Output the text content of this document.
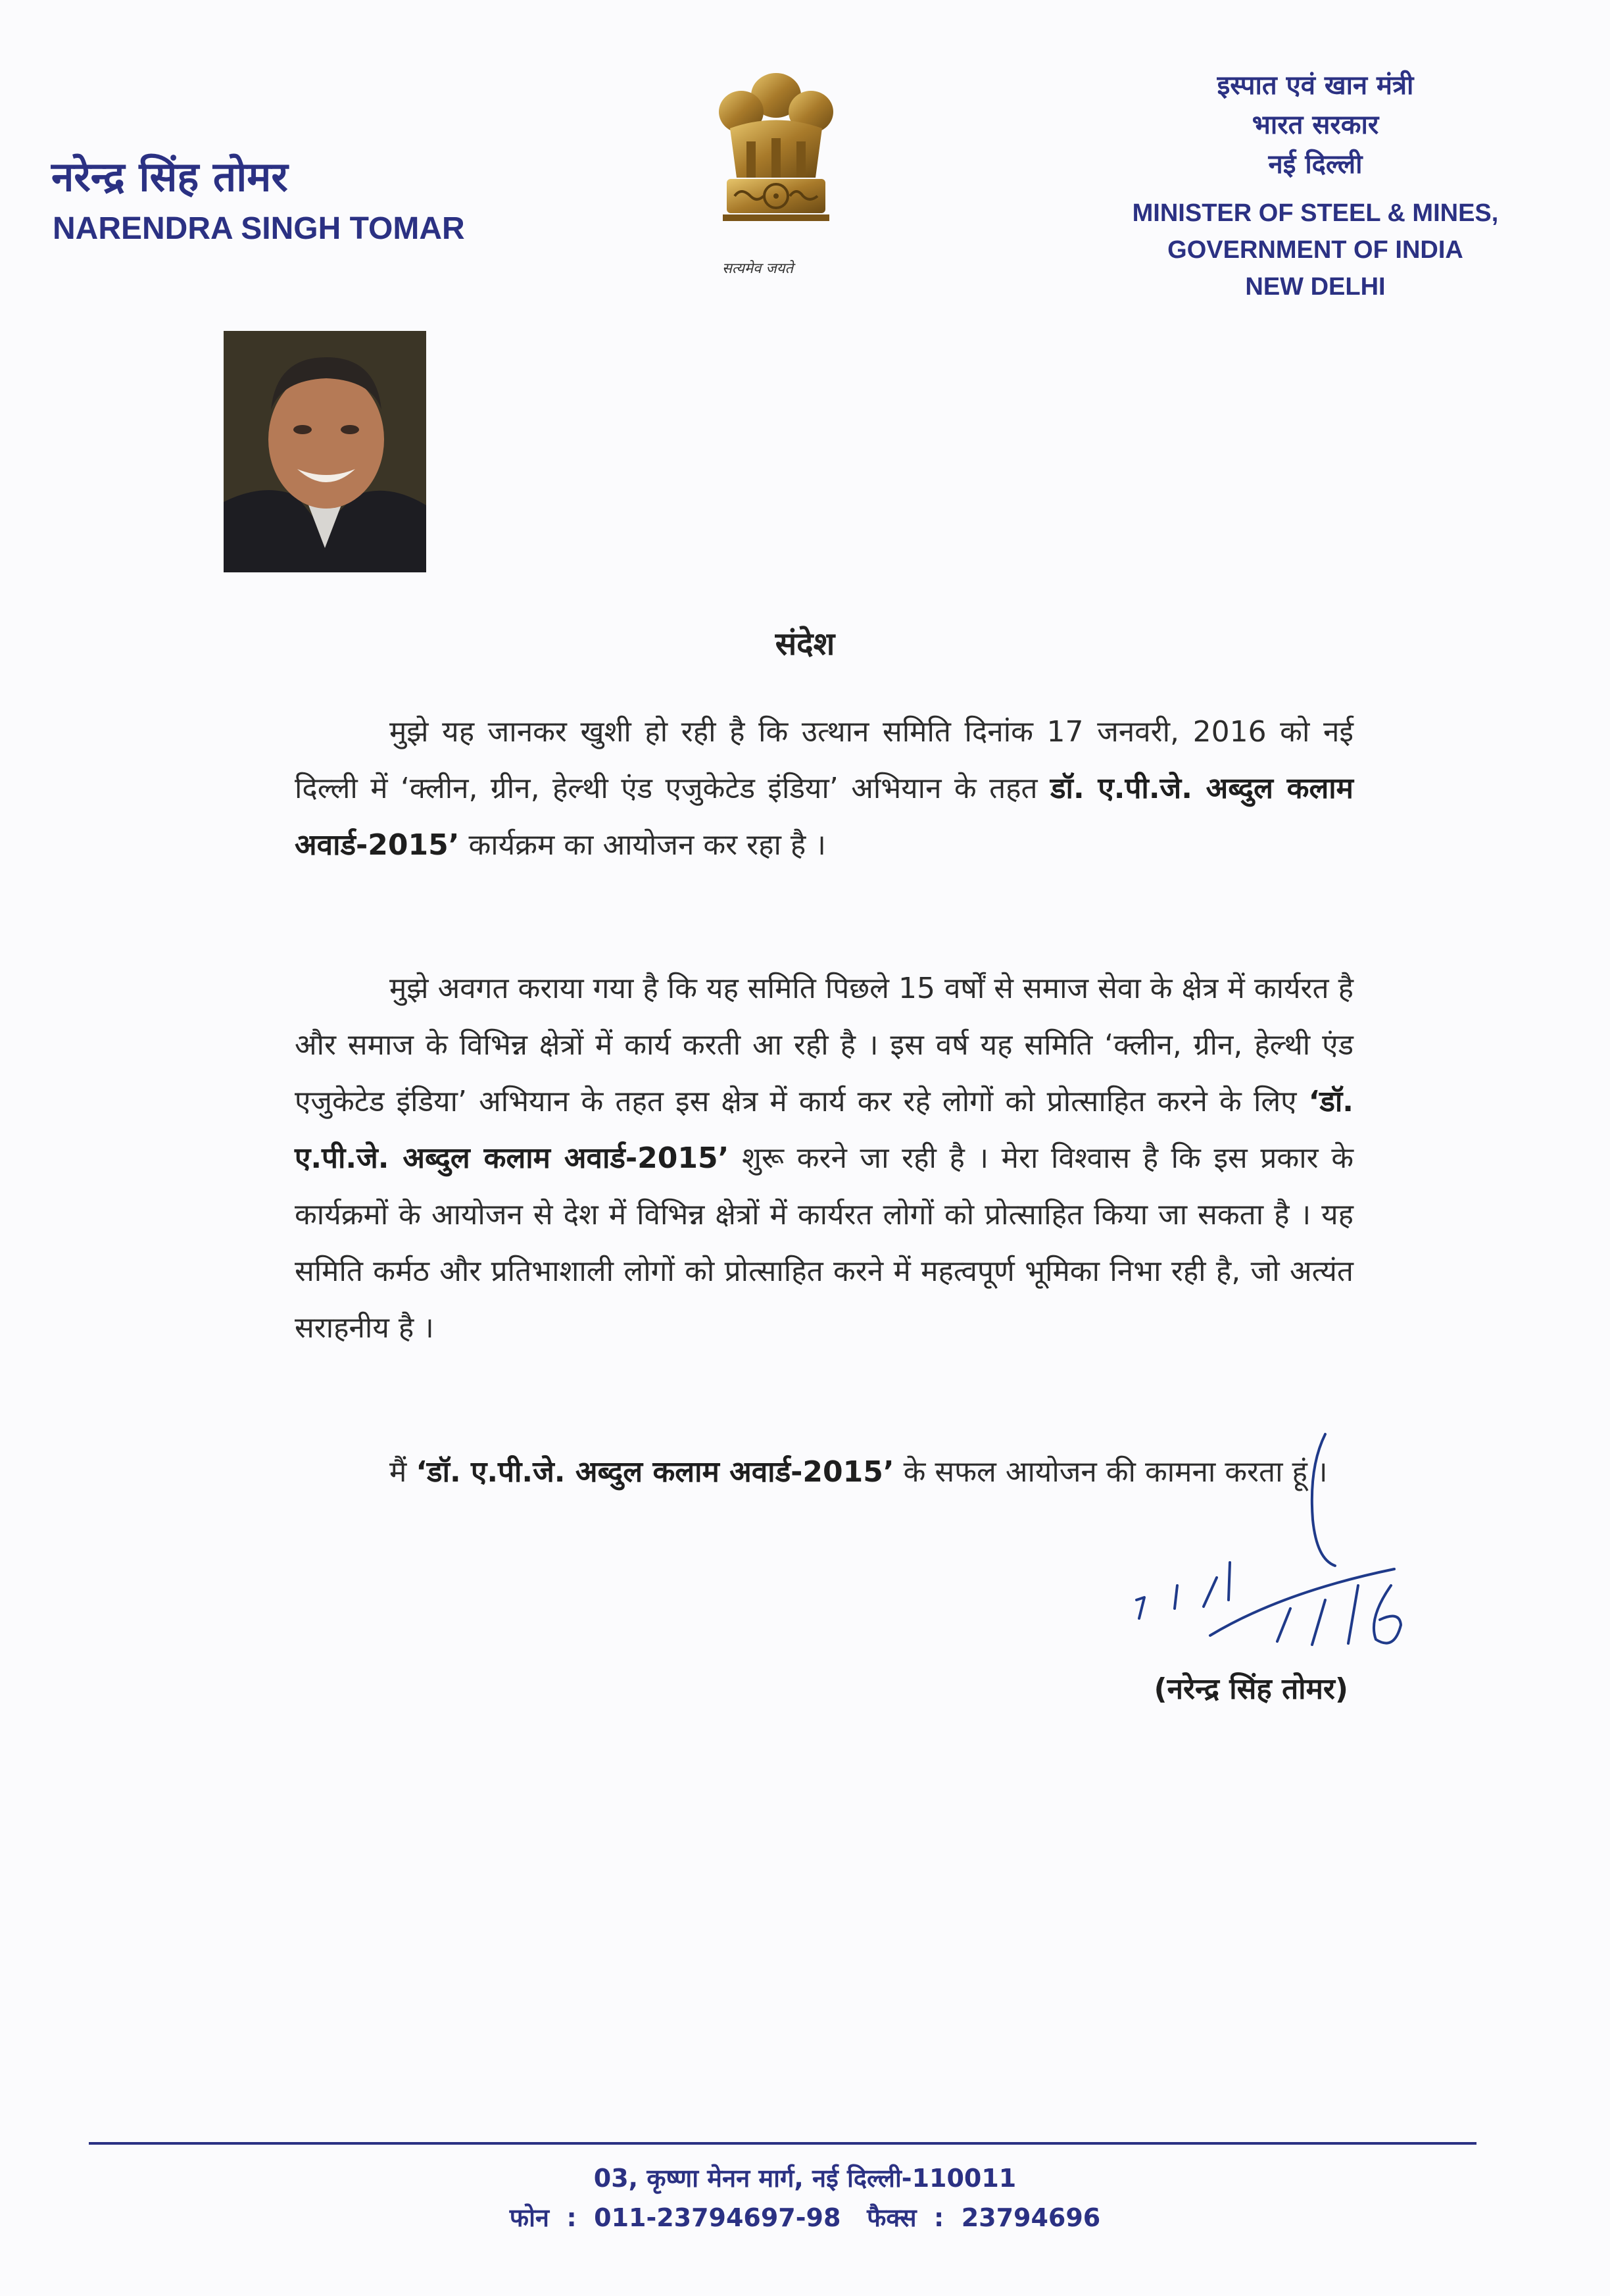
नरेन्द्र सिंह तोमर
NARENDRA SINGH TOMAR
सत्यमेव जयते
इस्पात एवं खान मंत्री
भारत सरकार
नई दिल्ली
MINISTER OF STEEL & MINES,
GOVERNMENT OF INDIA
NEW DELHI
संदेश

मुझे यह जानकर खुशी हो रही है कि उत्थान समिति दिनांक 17 जनवरी, 2016 को नई दिल्ली में ‘क्लीन, ग्रीन, हेल्थी एंड एजुकेटेड इंडिया’ अभियान के तहत डॉ. ए.पी.जे. अब्दुल कलाम अवार्ड-2015’ कार्यक्रम का आयोजन कर रहा है ।

मुझे अवगत कराया गया है कि यह समिति पिछले 15 वर्षों से समाज सेवा के क्षेत्र में कार्यरत है और समाज के विभिन्न क्षेत्रों में कार्य करती आ रही है । इस वर्ष यह समिति ‘क्लीन, ग्रीन, हेल्थी एंड एजुकेटेड इंडिया’ अभियान के तहत इस क्षेत्र में कार्य कर रहे लोगों को प्रोत्साहित करने के लिए ‘डॉ. ए.पी.जे. अब्दुल कलाम अवार्ड-2015’ शुरू करने जा रही है । मेरा विश्वास है कि इस प्रकार के कार्यक्रमों के आयोजन से देश में विभिन्न क्षेत्रों में कार्यरत लोगों को प्रोत्साहित किया जा सकता है । यह समिति कर्मठ और प्रतिभाशाली लोगों को प्रोत्साहित करने में महत्वपूर्ण भूमिका निभा रही है, जो अत्यंत सराहनीय है ।

मैं ‘डॉ. ए.पी.जे. अब्दुल कलाम अवार्ड-2015’ के सफल आयोजन की कामना करता हूं ।

(नरेन्द्र सिंह तोमर)
03, कृष्णा मेनन मार्ग, नई दिल्ली-110011
फोन  :  011-23794697-98 फैक्स  :  23794696
